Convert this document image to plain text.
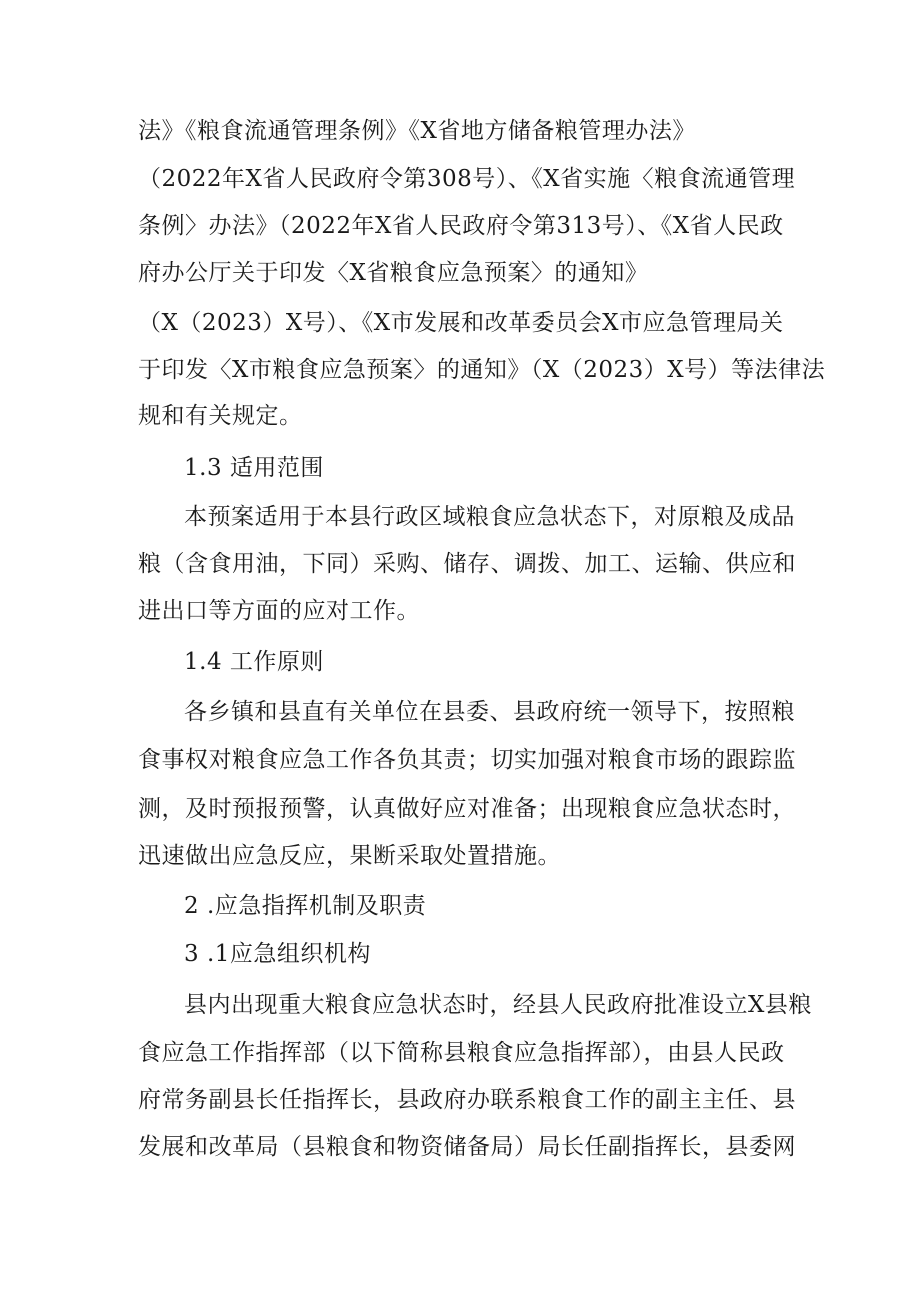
法》《粮食流通管理条例》《X省地方储备粮管理办法》
（2022年X省人民政府令第308号）、《X省实施〈粮食流通管理
条例〉办法》（2022年X省人民政府令第313号）、《X省人民政
府办公厅关于印发〈X省粮食应急预案〉的通知》
（X（2023）X号）、《X市发展和改革委员会X市应急管理局关
于印发〈X市粮食应急预案〉的通知》（X（2023）X号）等法律法
规和有关规定。
1.3 适用范围
本预案适用于本县行政区域粮食应急状态下，对原粮及成品
粮（含食用油，下同）采购、储存、调拨、加工、运输、供应和
进出口等方面的应对工作。
1.4 工作原则
各乡镇和县直有关单位在县委、县政府统一领导下，按照粮
食事权对粮食应急工作各负其责；切实加强对粮食市场的跟踪监
测，及时预报预警，认真做好应对准备；出现粮食应急状态时，
迅速做出应急反应，果断采取处置措施。
2 .应急指挥机制及职责
3 .1应急组织机构
县内出现重大粮食应急状态时，经县人民政府批准设立X县粮
食应急工作指挥部（以下简称县粮食应急指挥部），由县人民政
府常务副县长任指挥长，县政府办联系粮食工作的副主主任、县
发展和改革局（县粮食和物资储备局）局长任副指挥长，县委网
